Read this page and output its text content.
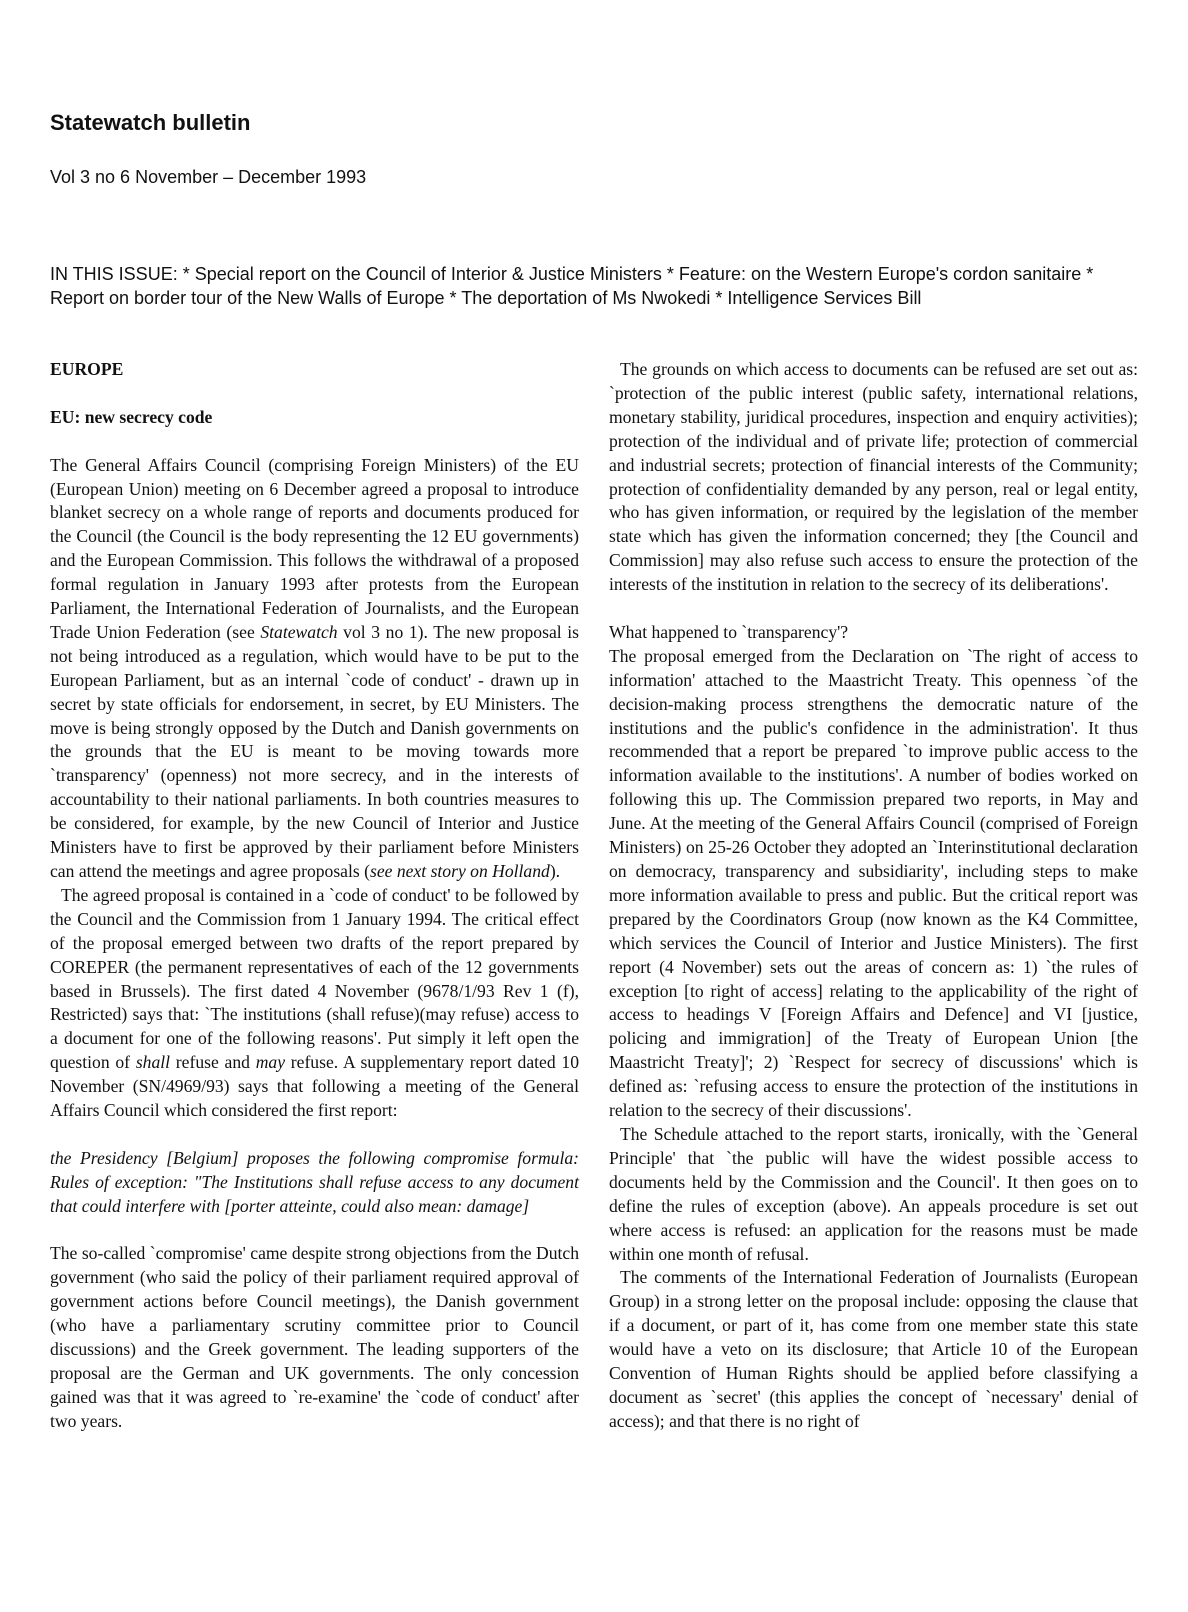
Statewatch bulletin

Vol 3 no 6 November – December 1993

IN THIS ISSUE: * Special report on the Council of Interior & Justice Ministers * Feature: on the Western Europe's cordon sanitaire * Report on border tour of the New Walls of Europe * The deportation of Ms Nwokedi * Intelligence Services Bill

EUROPE
EU: new secrecy code

The General Affairs Council (comprising Foreign Ministers) of the EU (European Union) meeting on 6 December agreed a proposal to introduce blanket secrecy on a whole range of reports and documents produced for the Council (the Council is the body representing the 12 EU governments) and the European Commission. This follows the withdrawal of a proposed formal regulation in January 1993 after protests from the European Parliament, the International Federation of Journalists, and the European Trade Union Federation (see Statewatch vol 3 no 1). The new proposal is not being introduced as a regulation, which would have to be put to the European Parliament, but as an internal `code of conduct' - drawn up in secret by state officials for endorsement, in secret, by EU Ministers. The move is being strongly opposed by the Dutch and Danish governments on the grounds that the EU is meant to be moving towards more `transparency' (openness) not more secrecy, and in the interests of accountability to their national parliaments. In both countries measures to be considered, for example, by the new Council of Interior and Justice Ministers have to first be approved by their parliament before Ministers can attend the meetings and agree proposals (see next story on Holland).

The agreed proposal is contained in a `code of conduct' to be followed by the Council and the Commission from 1 January 1994. The critical effect of the proposal emerged between two drafts of the report prepared by COREPER (the permanent representatives of each of the 12 governments based in Brussels). The first dated 4 November (9678/1/93 Rev 1 (f), Restricted) says that: `The institutions (shall refuse)(may refuse) access to a document for one of the following reasons'. Put simply it left open the question of shall refuse and may refuse. A supplementary report dated 10 November (SN/4969/93) says that following a meeting of the General Affairs Council which considered the first report:

the Presidency [Belgium] proposes the following compromise formula: Rules of exception: "The Institutions shall refuse access to any document that could interfere with [porter atteinte, could also mean: damage]

The so-called `compromise' came despite strong objections from the Dutch government (who said the policy of their parliament required approval of government actions before Council meetings), the Danish government (who have a parliamentary scrutiny committee prior to Council discussions) and the Greek government. The leading supporters of the proposal are the German and UK governments. The only concession gained was that it was agreed to `re-examine' the `code of conduct' after two years.

The grounds on which access to documents can be refused are set out as: `protection of the public interest (public safety, international relations, monetary stability, juridical procedures, inspection and enquiry activities); protection of the individual and of private life; protection of commercial and industrial secrets; protection of financial interests of the Community; protection of confidentiality demanded by any person, real or legal entity, who has given information, or required by the legislation of the member state which has given the information concerned; they [the Council and Commission] may also refuse such access to ensure the protection of the interests of the institution in relation to the secrecy of its deliberations'.

What happened to `transparency'?

The proposal emerged from the Declaration on `The right of access to information' attached to the Maastricht Treaty. This openness `of the decision-making process strengthens the democratic nature of the institutions and the public's confidence in the administration'. It thus recommended that a report be prepared `to improve public access to the information available to the institutions'. A number of bodies worked on following this up. The Commission prepared two reports, in May and June. At the meeting of the General Affairs Council (comprised of Foreign Ministers) on 25-26 October they adopted an `Interinstitutional declaration on democracy, transparency and subsidiarity', including steps to make more information available to press and public. But the critical report was prepared by the Coordinators Group (now known as the K4 Committee, which services the Council of Interior and Justice Ministers). The first report (4 November) sets out the areas of concern as: 1) `the rules of exception [to right of access] relating to the applicability of the right of access to headings V [Foreign Affairs and Defence] and VI [justice, policing and immigration] of the Treaty of European Union [the Maastricht Treaty]'; 2) `Respect for secrecy of discussions' which is defined as: `refusing access to ensure the protection of the institutions in relation to the secrecy of their discussions'.

The Schedule attached to the report starts, ironically, with the `General Principle' that `the public will have the widest possible access to documents held by the Commission and the Council'. It then goes on to define the rules of exception (above). An appeals procedure is set out where access is refused: an application for the reasons must be made within one month of refusal.

The comments of the International Federation of Journalists (European Group) in a strong letter on the proposal include: opposing the clause that if a document, or part of it, has come from one member state this state would have a veto on its disclosure; that Article 10 of the European Convention of Human Rights should be applied before classifying a document as `secret' (this applies the concept of `necessary' denial of access); and that there is no right of
